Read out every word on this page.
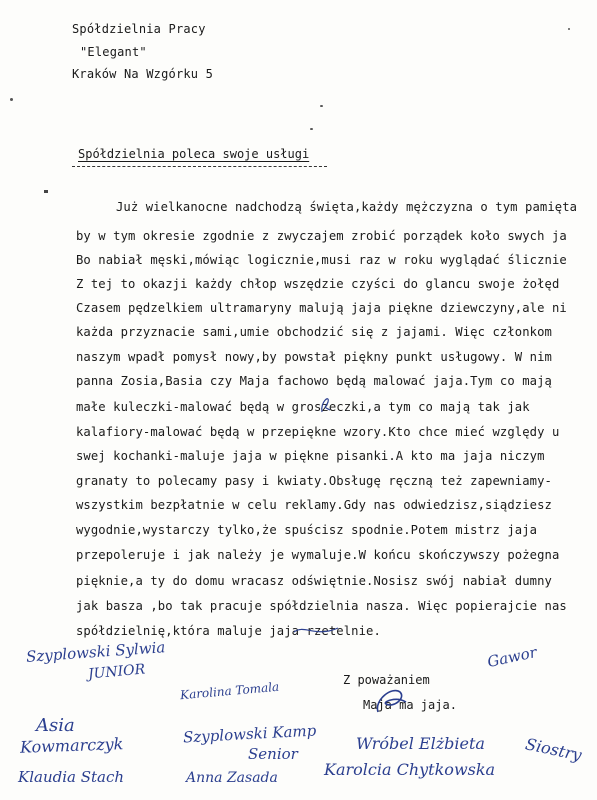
Spółdzielnia Pracy
"Elegant"
Kraków Na Wzgórku 5
Spółdzielnia poleca swoje usługi
Już wielkanocne nadchodzą święta,każdy mężczyzna o tym pamięta
by w tym okresie zgodnie z zwyczajem zrobić porządek koło swych ja
Bo nabiał męski,mówiąc logicznie,musi raz w roku wyglądać ślicznie
Z tej to okazji każdy chłop wszędzie czyści do glancu swoje żołęd
Czasem pędzelkiem ultramaryny malują jaja piękne dziewczyny,ale ni
każda przyznacie sami,umie obchodzić się z jajami. Więc członkom
naszym wpadł pomysł nowy,by powstał piękny punkt usługowy. W nim
panna Zosia,Basia czy Maja fachowo będą malować jaja.Tym co mają
małe kuleczki-malować będą w groszeczki,a tym co mają tak jak
kalafiory-malować będą w przepiękne wzory.Kto chce mieć względy u
swej kochanki-maluje jaja w piękne pisanki.A kto ma jaja niczym
granaty to polecamy pasy i kwiaty.Obsługę ręczną też zapewniamy-
wszystkim bezpłatnie w celu reklamy.Gdy nas odwiedzisz,siądziesz
wygodnie,wystarczy tylko,że spuścisz spodnie.Potem mistrz jaja
przepoleruje i jak należy je wymaluje.W końcu skończywszy pożegna
pięknie,a ty do domu wracasz odświętnie.Nosisz swój nabiał dumny
jak basza ,bo tak pracuje spółdzielnia nasza. Więc popierajcie nas
spółdzielnię,która maluje jaja rzetelnie.
Z poważaniem
Maja ma jaja.
Szyplowski Sylwia
JUNIOR
Gawor
Karolina Tomala
Asia
Kowmarczyk	Szyplowski Kamp
Senior
Wróbel Elżbieta Siostry
Klaudia Stach	Anna Zasada	Karolcia Chytkowska
